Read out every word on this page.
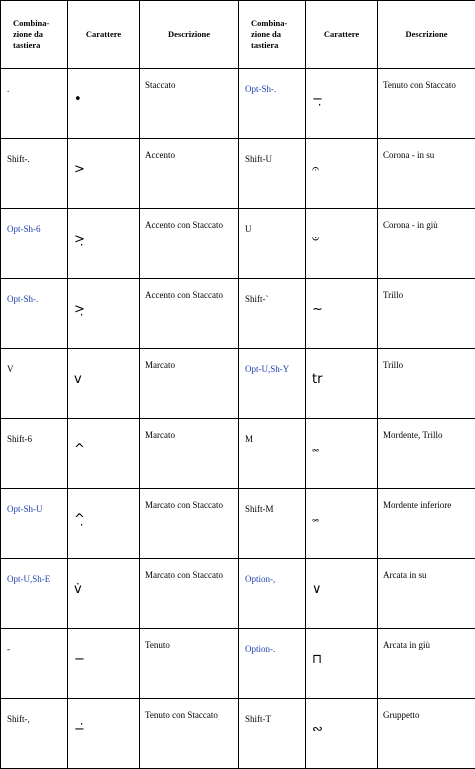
Combina-
zione da
tastiera	Carattere	Descrizione	Combina-
zione da
tastiera	Carattere	Descrizione
.	•	Staccato	Opt-Sh-.	−̣	Tenuto con Staccato
Shift-.	>	Accento	Shift-U	𝄐	Corona - in su
Opt-Sh-6	>̣	Accento con Staccato	U	𝄑	Corona - in giù
Opt-Sh-.	>̣	Accento con Staccato	Shift-`	~	Trillo
V	v	Marcato	Opt-U,Sh-Y	tr	Trillo
Shift-6	^	Marcato	M	𝆗	Mordente, Trillo
Opt-Sh-U	^̣	Marcato con Staccato	Shift-M	𝆘	Mordente inferiore
Opt-U,Sh-E	v̇	Marcato con Staccato	Option-,	∨	Arcata in su
-	−	Tenuto	Option-.	⊓	Arcata in giù
Shift-,	−̇	Tenuto con Staccato	Shift-T	∾	Gruppetto
